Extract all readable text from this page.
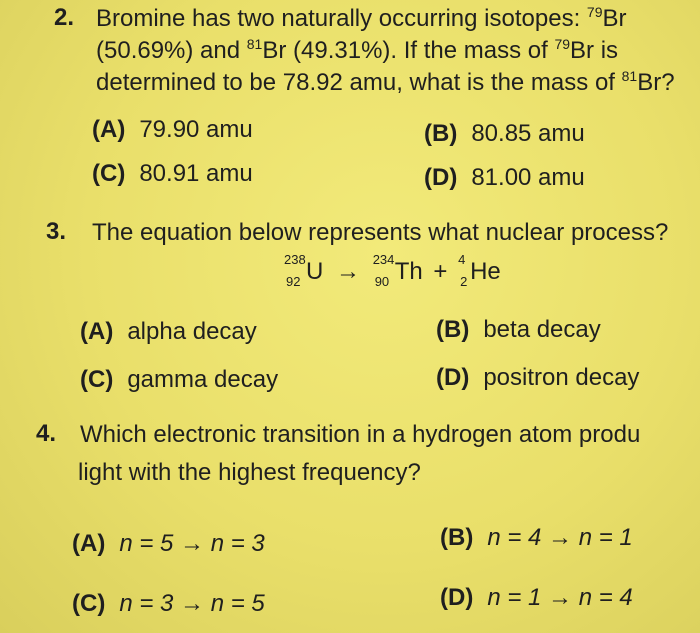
2. Bromine has two naturally occurring isotopes: $^{79}$Br
(50.69%) and $^{81}$Br (49.31%). If the mass of $^{79}$Br is
determined to be 78.92 amu, what is the mass of $^{81}$Br?
(A) 79.90 amu	(B) 80.85 amu
(C) 80.91 amu	(D) 81.00 amu
3. The equation below represents what nuclear process?
238
92 U → 234
90 Th + 4
2 He
(A) alpha decay	(B) beta decay
(C) gamma decay	(D) positron decay
4. Which electronic transition in a hydrogen atom produ
light with the highest frequency?
(A) n = 5 → n = 3	(B) n = 4 → n = 1
(C) n = 3 → n = 5	(D) n = 1 → n = 4
